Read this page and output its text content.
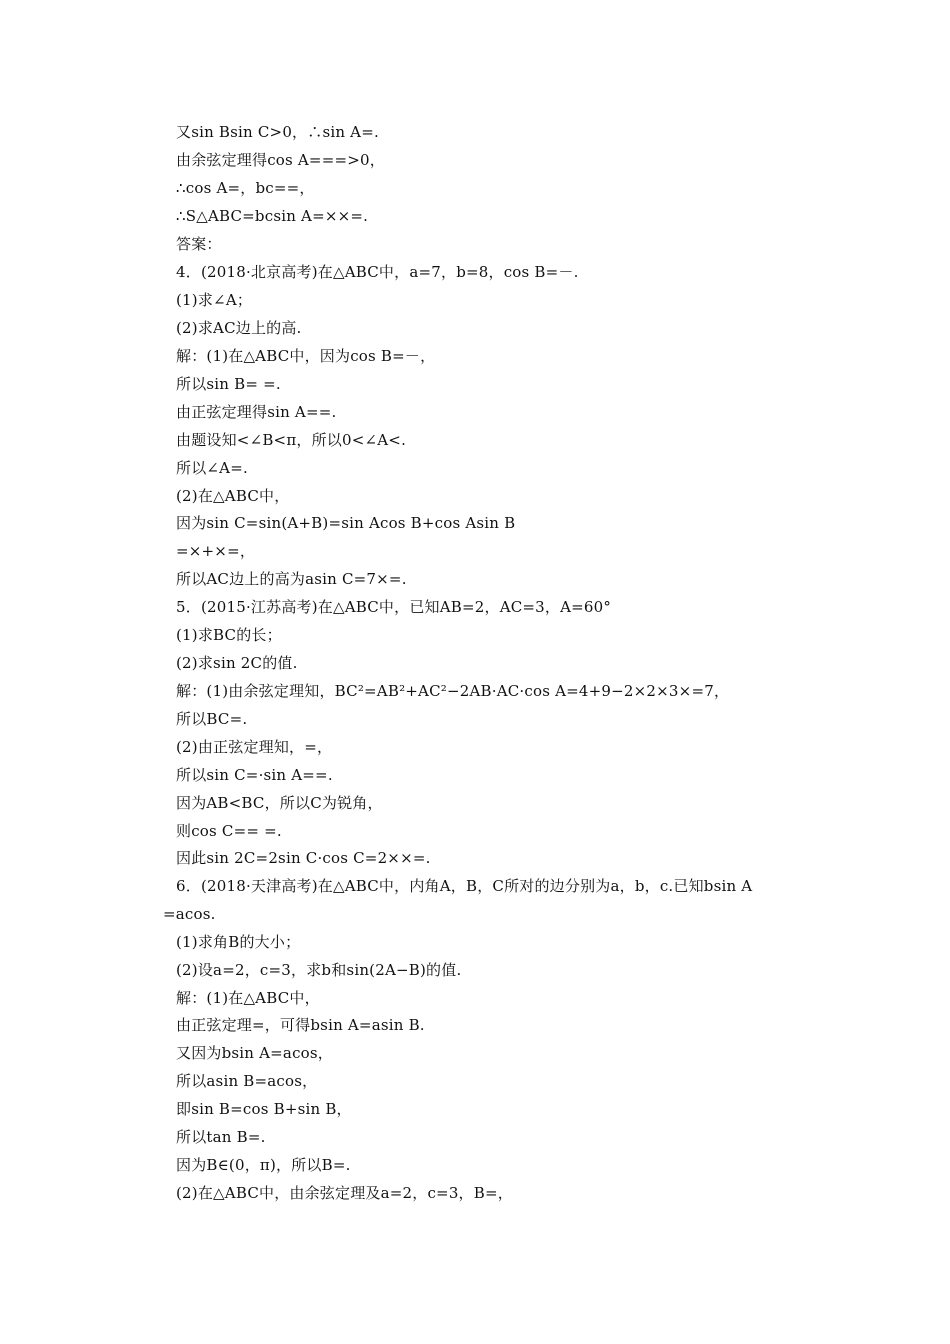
又sin Bsin C>0，∴sin A=.
由余弦定理得cos A===>0，
∴cos A=，bc==，
∴S△ABC=bcsin A=××=.
答案：
4．(2018·北京高考)在△ABC中，a=7，b=8，cos B=－.
(1)求∠A；
(2)求AC边上的高.
解：(1)在△ABC中，因为cos B=－，
所以sin B= =.
由正弦定理得sin A==.
由题设知<∠B<π，所以0<∠A<.
所以∠A=.
(2)在△ABC中，
因为sin C=sin(A+B)=sin Acos B+cos Asin B
=×+×=，
所以AC边上的高为asin C=7×=.
5．(2015·江苏高考)在△ABC中，已知AB=2，AC=3，A=60°
(1)求BC的长；
(2)求sin 2C的值.
解：(1)由余弦定理知，BC²=AB²+AC²−2AB·AC·cos A=4+9−2×2×3×=7，
所以BC=.
(2)由正弦定理知，=，
所以sin C=·sin A==.
因为AB<BC，所以C为锐角，
则cos C== =.
因此sin 2C=2sin C·cos C=2××=.
6．(2018·天津高考)在△ABC中，内角A，B，C所对的边分别为a，b，c.已知bsin A
=acos.
(1)求角B的大小；
(2)设a=2，c=3，求b和sin(2A−B)的值.
解：(1)在△ABC中，
由正弦定理=，可得bsin A=asin B.
又因为bsin A=acos，
所以asin B=acos，
即sin B=cos B+sin B，
所以tan B=.
因为B∈(0，π)，所以B=.
(2)在△ABC中，由余弦定理及a=2，c=3，B=，
